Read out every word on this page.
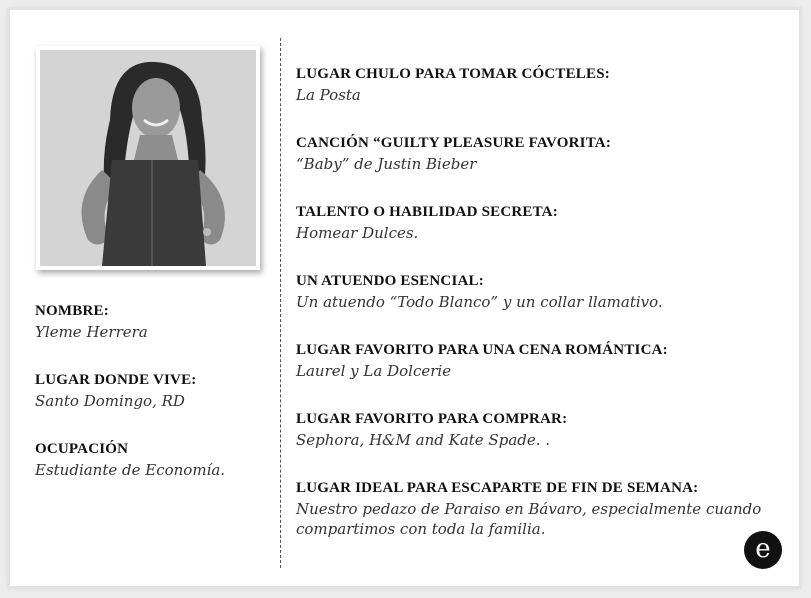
NOMBRE:

Yleme Herrera

LUGAR DONDE VIVE:

Santo Domingo, RD

OCUPACIÓN

Estudiante de Economía.

LUGAR CHULO PARA TOMAR CÓCTELES:

La Posta

CANCIÓN “GUILTY PLEASURE FAVORITA:

“Baby” de Justin Bieber

TALENTO O HABILIDAD SECRETA:

Homear Dulces.

UN ATUENDO ESENCIAL:

Un atuendo “Todo Blanco” y un collar llamativo.

LUGAR FAVORITO PARA UNA CENA ROMÁNTICA:

Laurel y La Dolcerie

LUGAR FAVORITO PARA COMPRAR:

Sephora, H&M and Kate Spade. .

LUGAR IDEAL PARA ESCAPARTE DE FIN DE SEMANA:

Nuestro pedazo de Paraiso en Bávaro, especialmente cuando compartimos con toda la familia.

e
